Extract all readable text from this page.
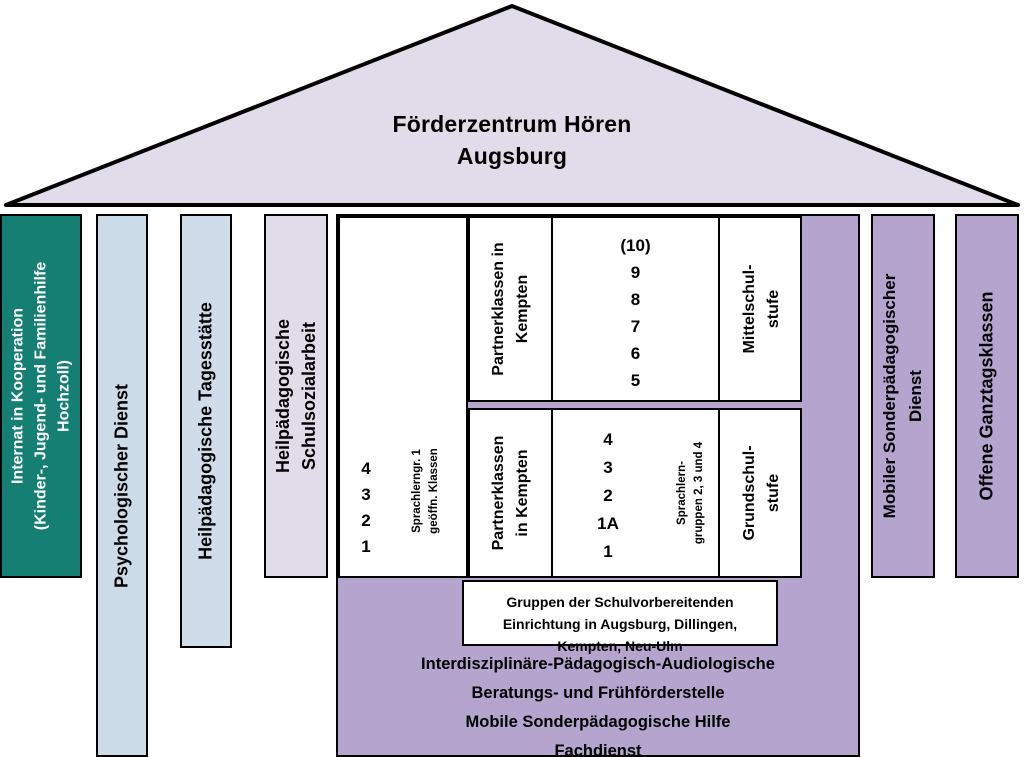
Förderzentrum Hören
Augsburg
Internat in Kooperation (Kinder-, Jugend- und Familienhilfe Hochzoll) Psychologischer Dienst	Heilpädagogische Tagesstätte	Heilpädagogische Schulsozialarbeit	Mobiler Sonderpädagogischer Dienst	Offene Ganztagsklassen
4
3
2
1
Sprachlerngr. 1 geöffn. Klassen
Partnerklassen in Kempten
(10)
9
8
7
6
5
Mittelschul- stufe
Partnerklassen in Kempten
4
3
2
1A
1
Sprachlern- gruppen 2, 3 und 4 Grundschul- stufe
Gruppen der Schulvorbereitenden
Einrichtung in Augsburg, Dillingen,
Kempten, Neu-Ulm
Interdisziplinäre-Pädagogisch-Audiologische
Beratungs- und Frühförderstelle
Mobile Sonderpädagogische Hilfe
Fachdienst
